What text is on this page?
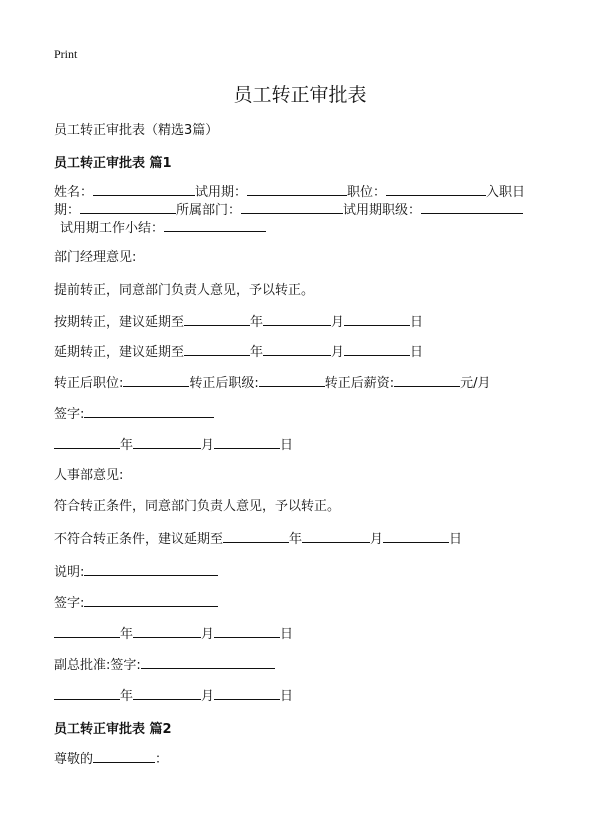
Print
员工转正审批表
员工转正审批表（精选3篇）
员工转正审批表 篇1
姓名：	试用期：	职位：	入职日
期：	所属部门：	试用期职级：
试用期工作小结：
部门经理意见:
提前转正，同意部门负责人意见，予以转正。
按期转正，建议延期至	年	月	日
延期转正，建议延期至	年	月	日
转正后职位:	转正后职级:	转正后薪资:	元/月
签字:
年	月	日
人事部意见:
符合转正条件，同意部门负责人意见，予以转正。
不符合转正条件，建议延期至	年	月	日
说明:
签字:
年	月	日
副总批准:签字:
年	月	日
员工转正审批表 篇2
尊敬的	：
